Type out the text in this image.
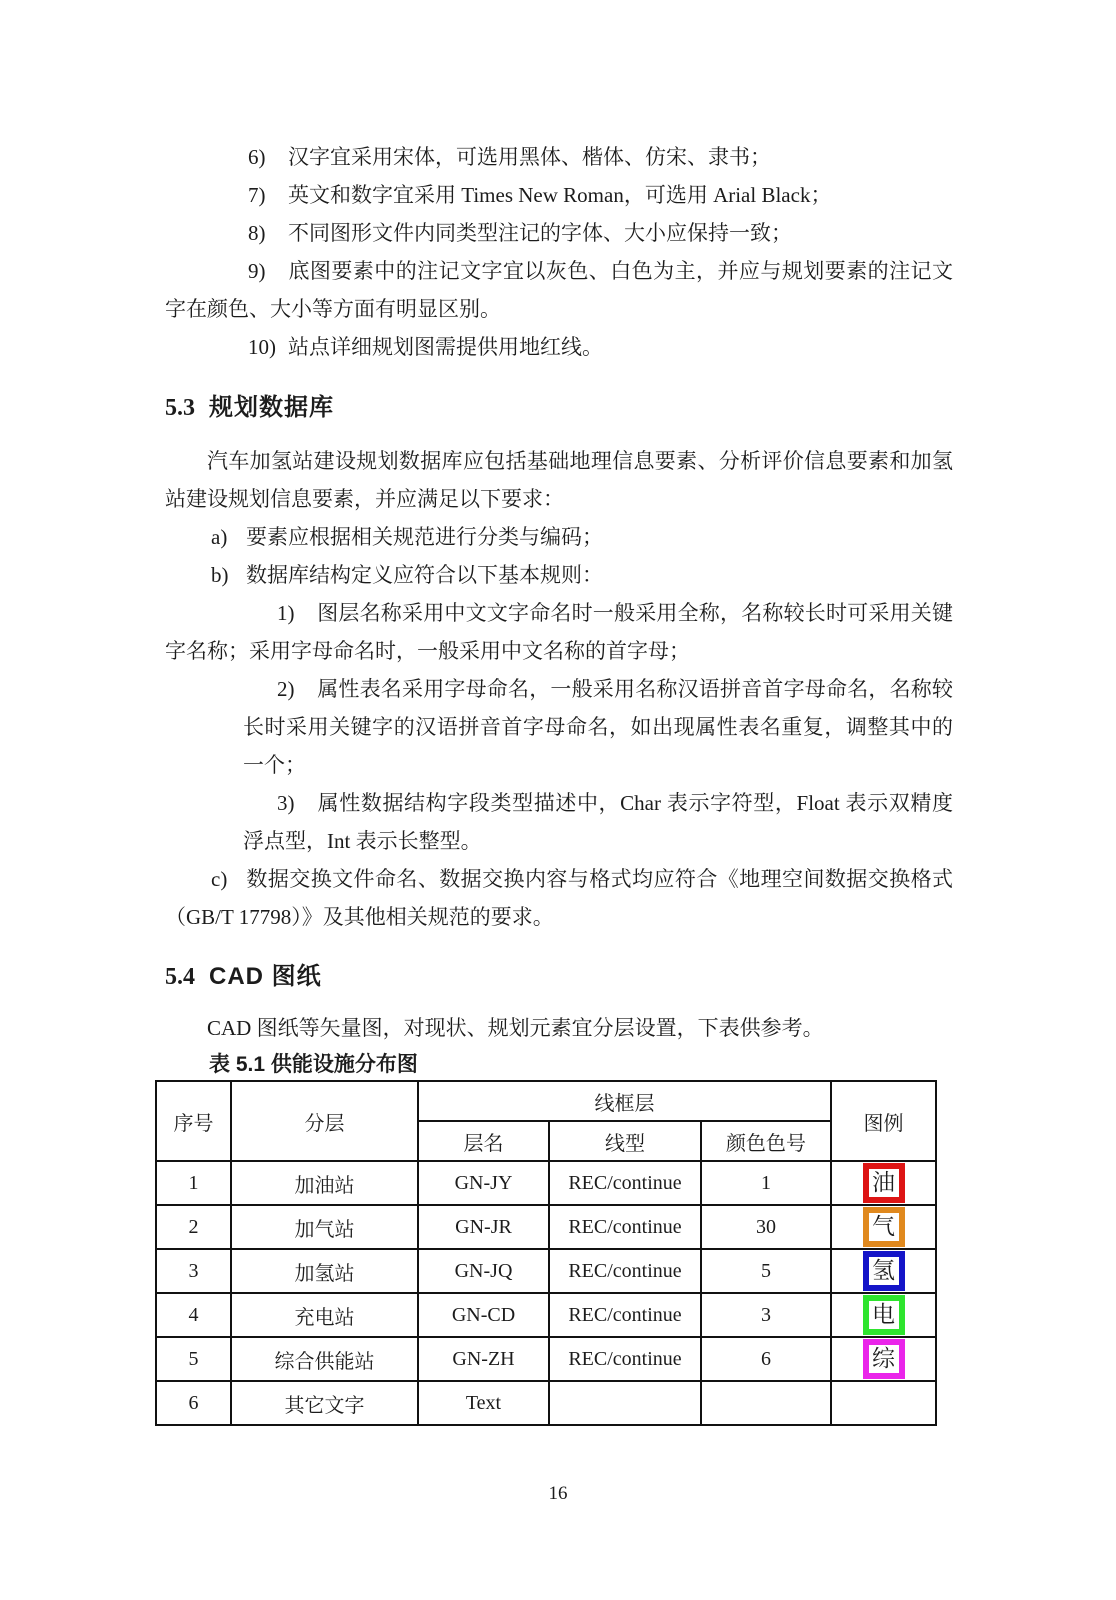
6) 汉字宜采用宋体，可选用黑体、楷体、仿宋、隶书；

7) 英文和数字宜采用 Times New Roman，可选用 Arial Black；

8) 不同图形文件内同类型注记的字体、大小应保持一致；

9) 底图要素中的注记文字宜以灰色、白色为主，并应与规划要素的注记文字在颜色、大小等方面有明显区别。

10) 站点详细规划图需提供用地红线。

5.3 规划数据库

汽车加氢站建设规划数据库应包括基础地理信息要素、分析评价信息要素和加氢站建设规划信息要素，并应满足以下要求：

a) 要素应根据相关规范进行分类与编码；

b) 数据库结构定义应符合以下基本规则：

1) 图层名称采用中文文字命名时一般采用全称，名称较长时可采用关键字名称；采用字母命名时，一般采用中文名称的首字母；

2) 属性表名采用字母命名，一般采用名称汉语拼音首字母命名，名称较长时采用关键字的汉语拼音首字母命名，如出现属性表名重复，调整其中的一个；

3) 属性数据结构字段类型描述中，Char 表示字符型，Float 表示双精度浮点型，Int 表示长整型。

c) 数据交换文件命名、数据交换内容与格式均应符合《地理空间数据交换格式（GB/T 17798）》及其他相关规范的要求。

5.4 CAD 图纸

CAD 图纸等矢量图，对现状、规划元素宜分层设置，下表供参考。

表 5.1 供能设施分布图
序号	分层	线框层			图例
		层名	线型	颜色色号	
1	加油站	GN-JY	REC/continue	1	油
2	加气站	GN-JR	REC/continue	30	气
3	加氢站	GN-JQ	REC/continue	5	氢
4	充电站	GN-CD	REC/continue	3	电
5	综合供能站	GN-ZH	REC/continue	6	综
6	其它文字	Text			
16
